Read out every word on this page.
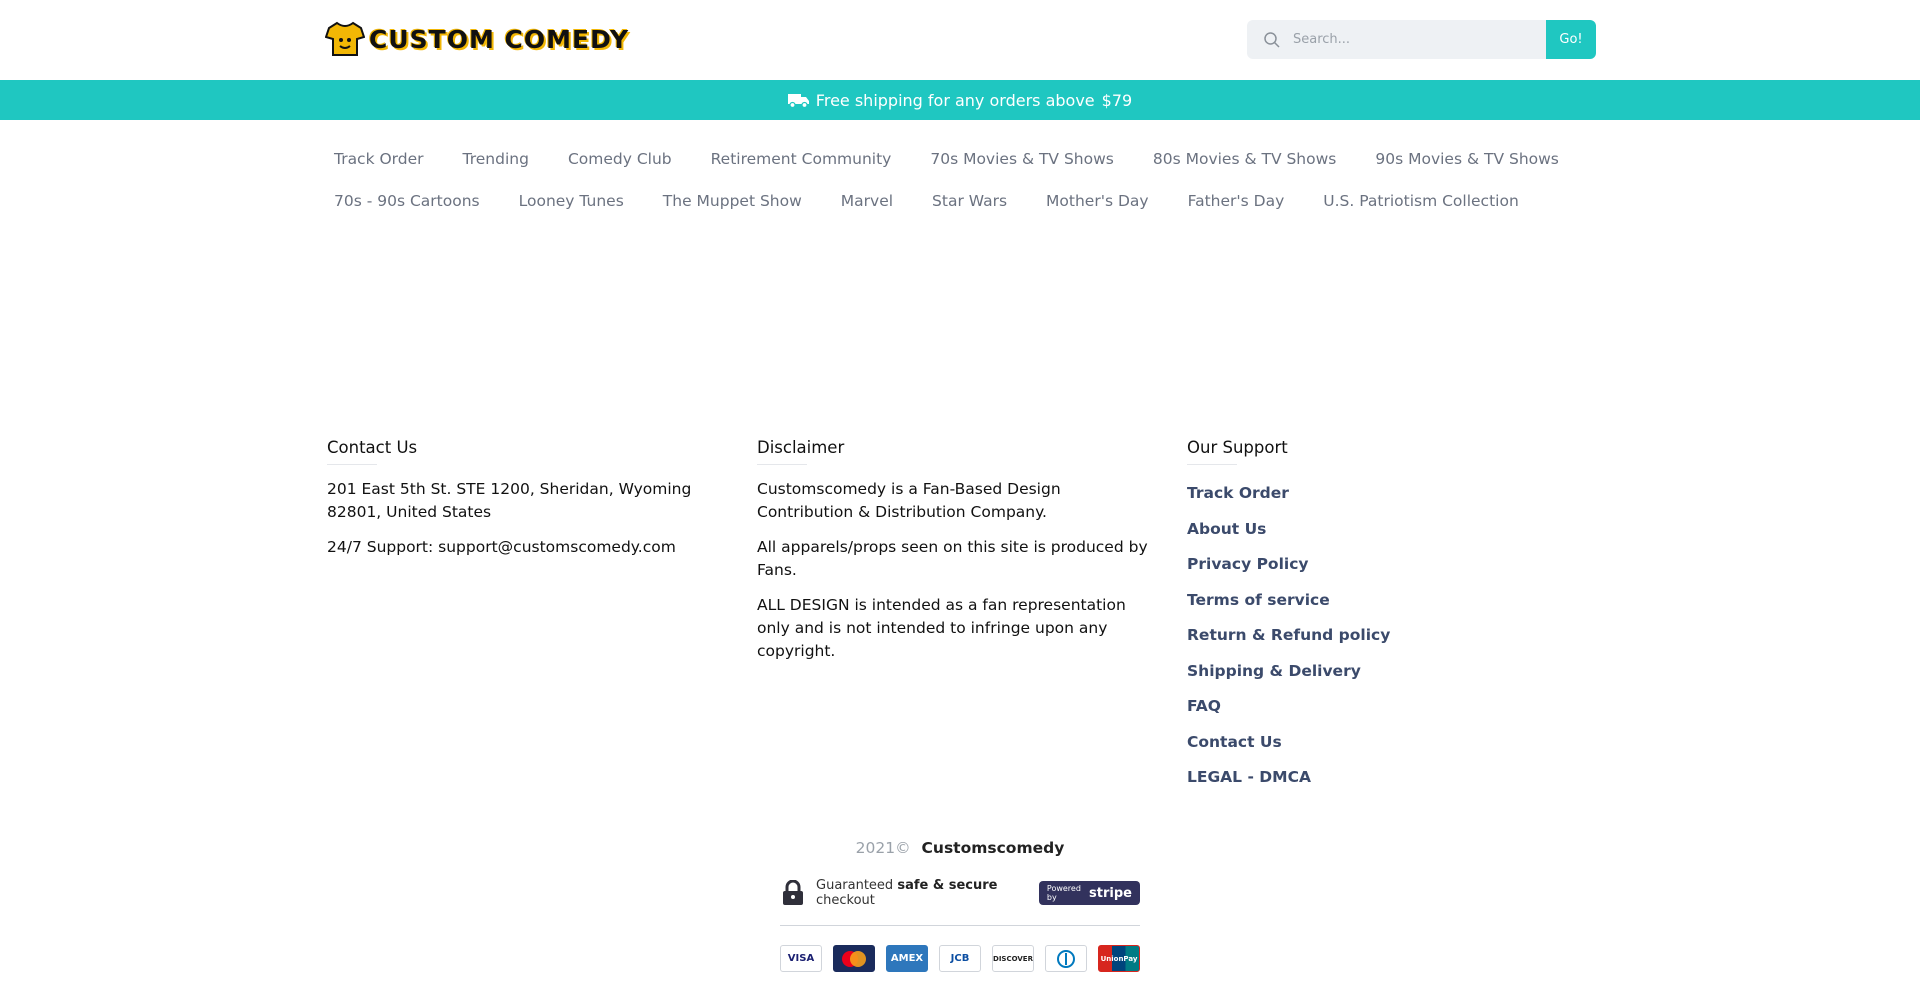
CUSTOM COMEDY
Search...	Go!
Free shipping for any orders above $79
Track Order	Trending	Comedy Club	Retirement Community	70s Movies & TV Shows	80s Movies & TV Shows	90s Movies & TV Shows
70s - 90s Cartoons	Looney Tunes	The Muppet Show	Marvel	Star Wars	Mother's Day	Father's Day	U.S. Patriotism Collection
Contact Us

201 East 5th St. STE 1200, Sheridan, Wyoming 82801, United States

24/7 Support: support@customscomedy.com

Disclaimer

Customscomedy is a Fan-Based Design Contribution & Distribution Company.

All apparels/props seen on this site is produced by Fans.

ALL DESIGN is intended as a fan representation only and is not intended to infringe upon any copyright.

Our Support
Track Order
About Us
Privacy Policy
Terms of service
Return & Refund policy
Shipping & Delivery
FAQ
Contact Us
LEGAL - DMCA
2021© Customscomedy
Guaranteed safe & secure checkout
Powered by	stripe
VISA	AMEX	JCB	DISCOVER	UnionPay
